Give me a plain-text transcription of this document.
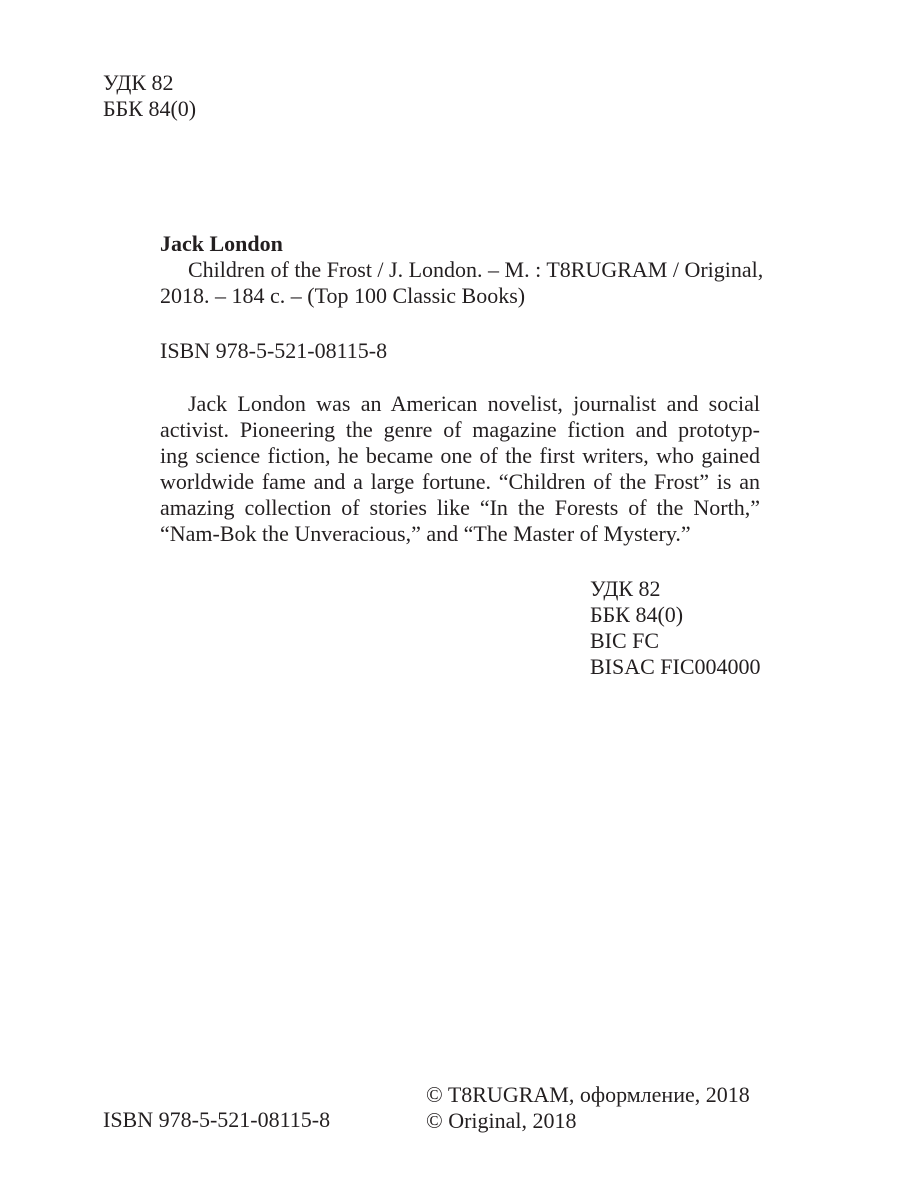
УДК 82
ББК 84(0)
Jack London
Children of the Frost / J. London. – M. : T8RUGRAM / Original,
2018. – 184 с. – (Top 100 Classic Books)
ISBN 978-5-521-08115-8
Jack London was an American novelist, journalist and social
activist. Pioneering the genre of magazine fiction and prototyp-
ing science fiction, he became one of the first writers, who gained
worldwide fame and a large fortune. “Children of the Frost” is an
amazing collection of stories like “In the Forests of the North,”
“Nam-Bok the Unveracious,” and “The Master of Mystery.”
УДК 82
ББК 84(0)
BIC FC
BISAC FIC004000
ISBN 978-5-521-08115-8
© T8RUGRAM, оформление, 2018
© Original, 2018
